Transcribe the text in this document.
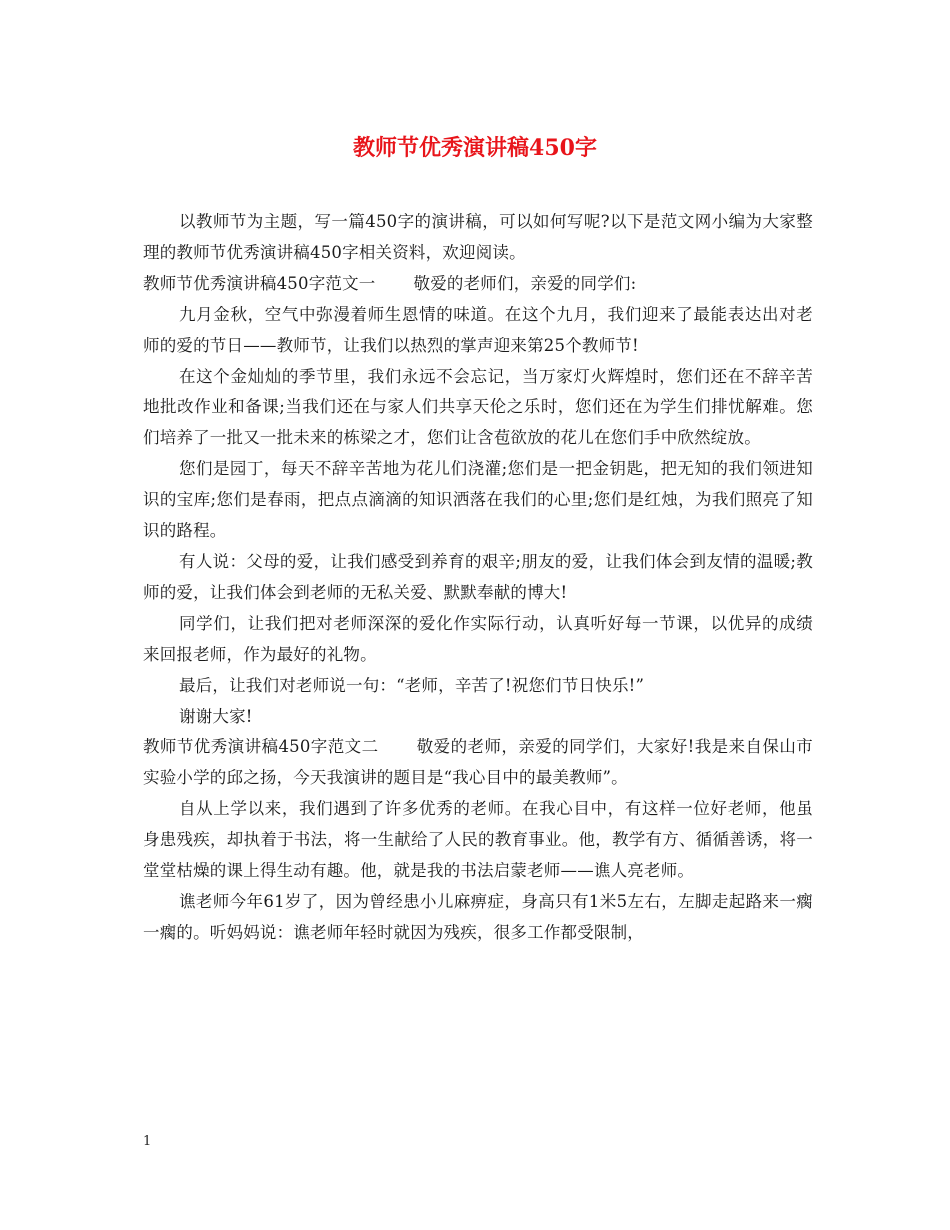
教师节优秀演讲稿450字

以教师节为主题，写一篇450字的演讲稿，可以如何写呢?以下是范文网小编为大家整理的教师节优秀演讲稿450字相关资料，欢迎阅读。

教师节优秀演讲稿450字范文一 敬爱的老师们，亲爱的同学们:

九月金秋，空气中弥漫着师生恩情的味道。在这个九月，我们迎来了最能表达出对老师的爱的节日——教师节，让我们以热烈的掌声迎来第25个教师节!

在这个金灿灿的季节里，我们永远不会忘记，当万家灯火辉煌时，您们还在不辞辛苦地批改作业和备课;当我们还在与家人们共享天伦之乐时，您们还在为学生们排忧解难。您们培养了一批又一批未来的栋梁之才，您们让含苞欲放的花儿在您们手中欣然绽放。

您们是园丁，每天不辞辛苦地为花儿们浇灌;您们是一把金钥匙，把无知的我们领进知识的宝库;您们是春雨，把点点滴滴的知识洒落在我们的心里;您们是红烛，为我们照亮了知识的路程。

有人说：父母的爱，让我们感受到养育的艰辛;朋友的爱，让我们体会到友情的温暖;教师的爱，让我们体会到老师的无私关爱、默默奉献的博大!

同学们，让我们把对老师深深的爱化作实际行动，认真听好每一节课，以优异的成绩来回报老师，作为最好的礼物。

最后，让我们对老师说一句：“老师，辛苦了!祝您们节日快乐!”

谢谢大家!

教师节优秀演讲稿450字范文二 敬爱的老师，亲爱的同学们，大家好!我是来自保山市实验小学的邱之扬，今天我演讲的题目是“我心目中的最美教师”。

自从上学以来，我们遇到了许多优秀的老师。在我心目中，有这样一位好老师，他虽身患残疾，却执着于书法，将一生献给了人民的教育事业。他，教学有方、循循善诱，将一堂堂枯燥的课上得生动有趣。他，就是我的书法启蒙老师——谯人亮老师。

谯老师今年61岁了，因为曾经患小儿麻痹症，身高只有1米5左右，左脚走起路来一瘸一瘸的。听妈妈说：谯老师年轻时就因为残疾，很多工作都受限制，

1
